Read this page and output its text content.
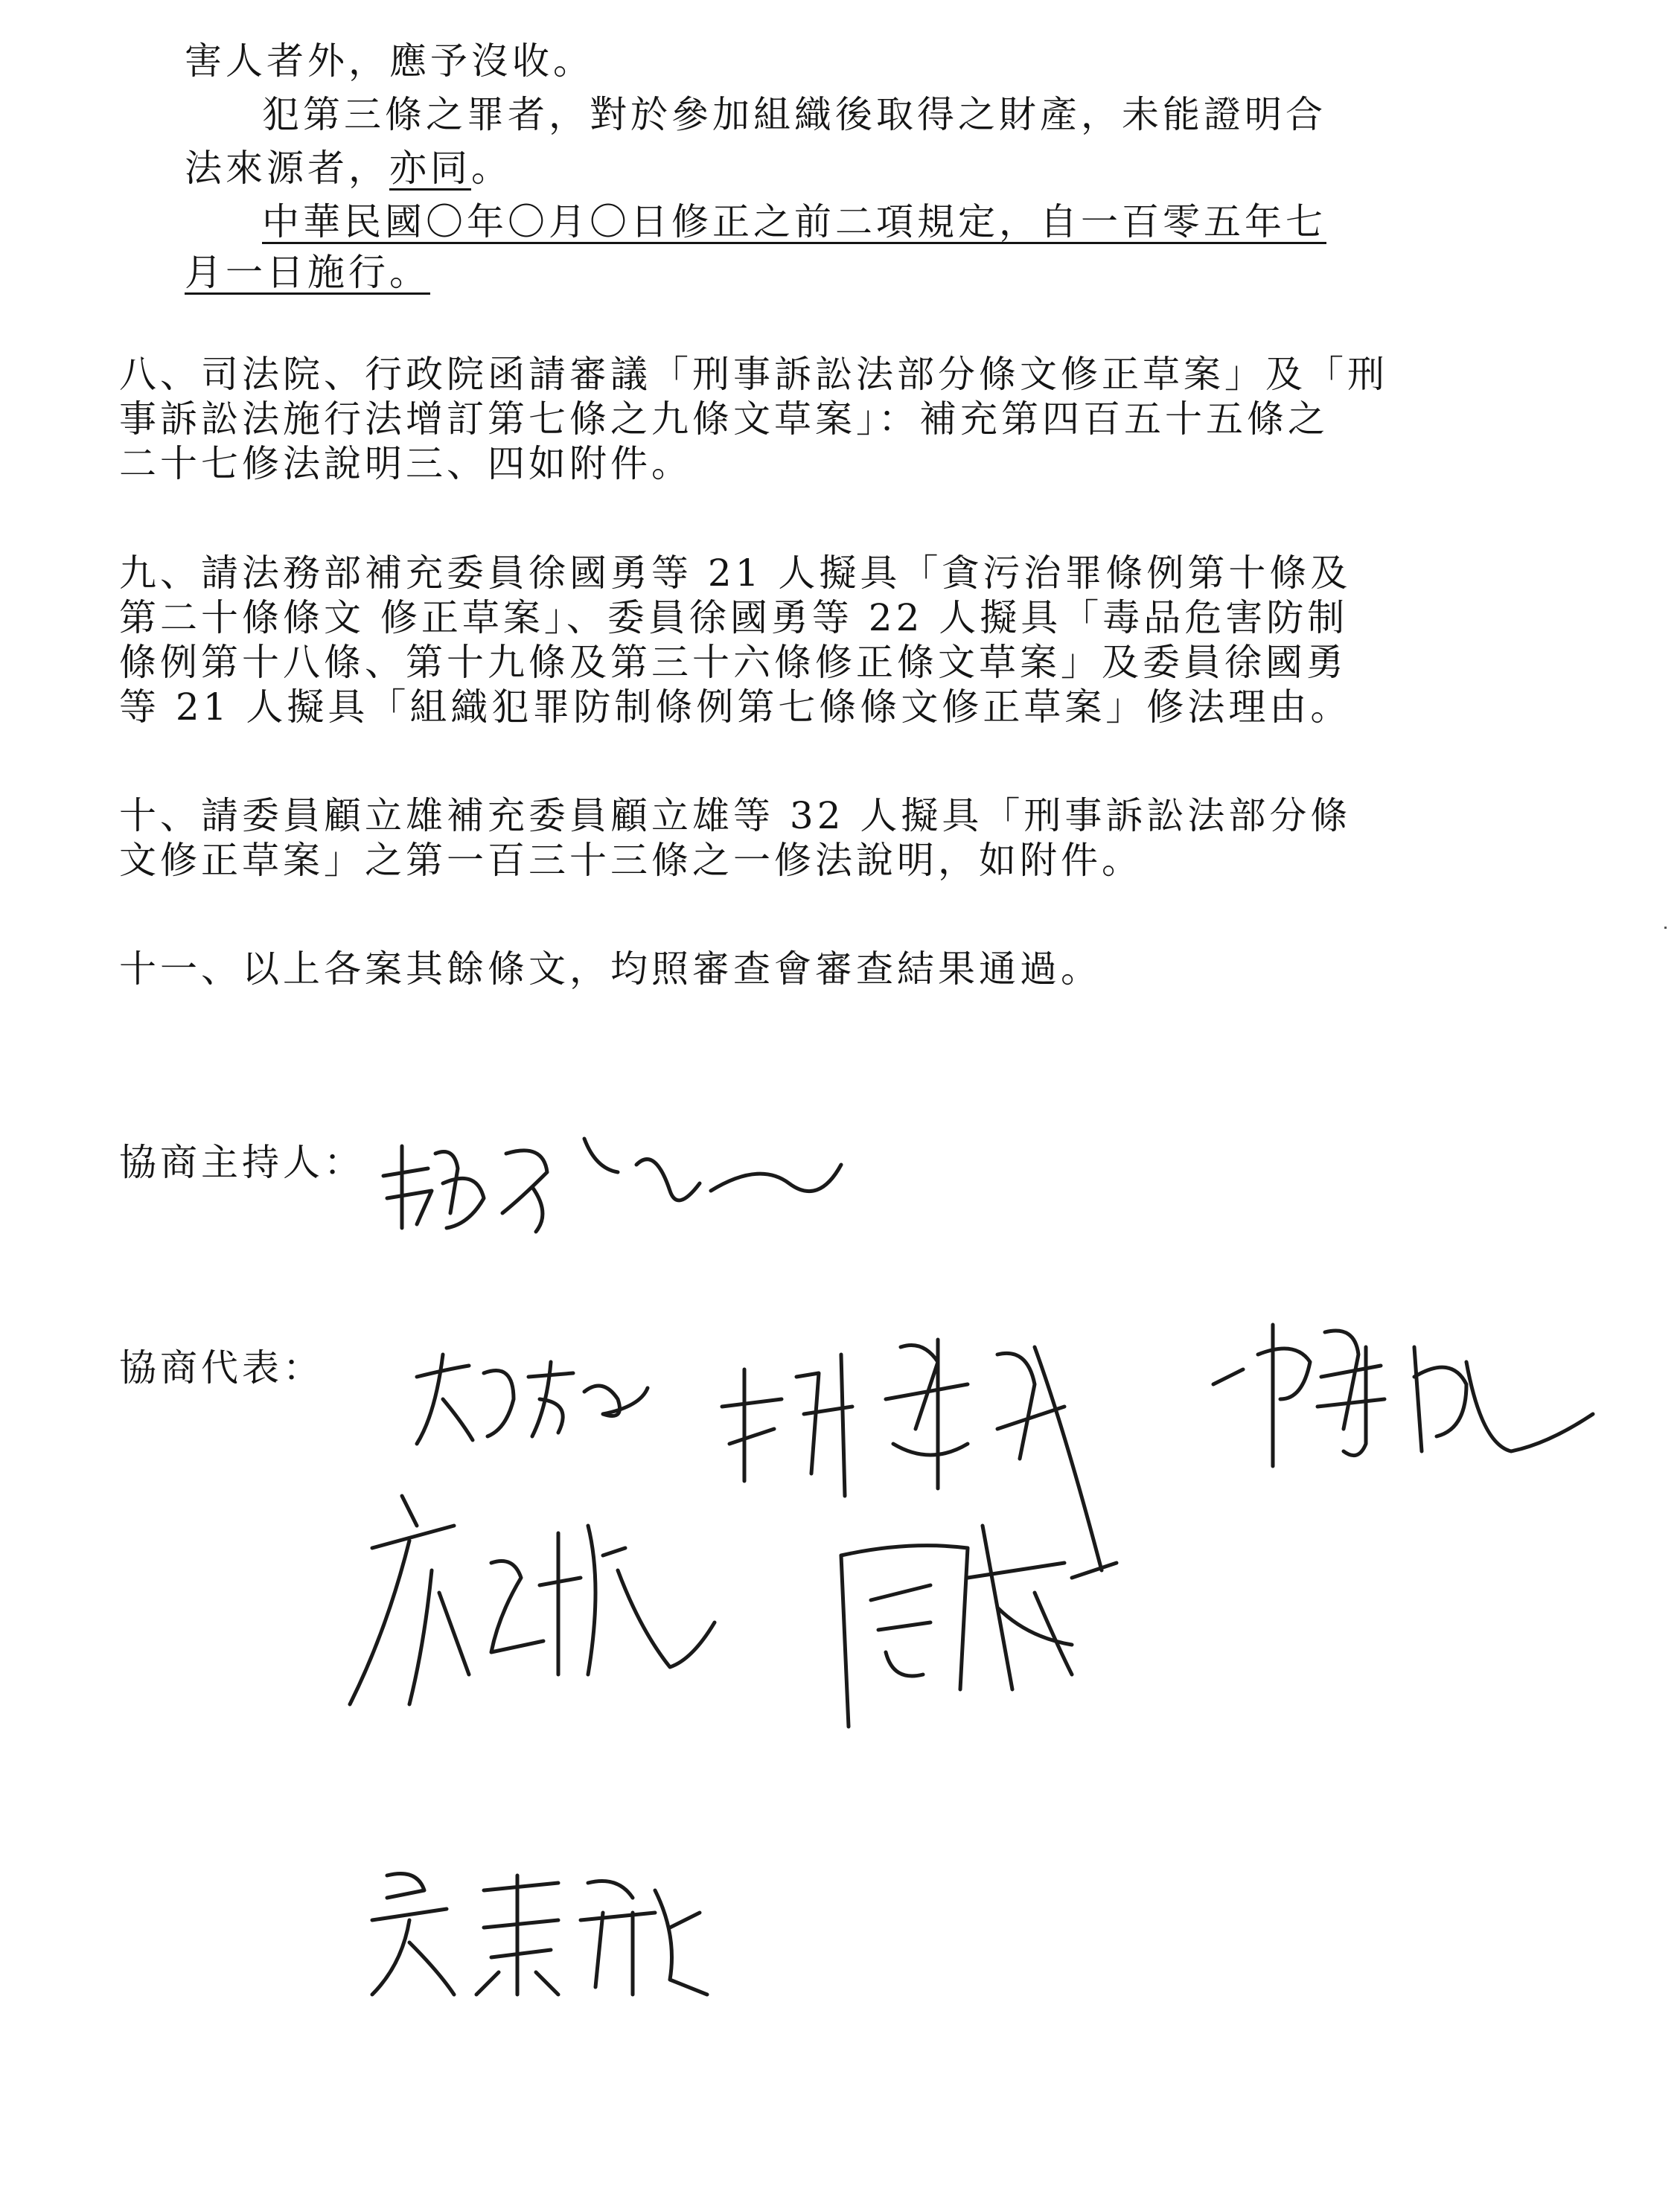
害人者外，應予沒收。
犯第三條之罪者，對於參加組織後取得之財產，未能證明合
法來源者，亦同。
中華民國〇年〇月〇日修正之前二項規定，自一百零五年七
月一日施行。
八、司法院、行政院函請審議「刑事訴訟法部分條文修正草案」及「刑
事訴訟法施行法增訂第七條之九條文草案」：補充第四百五十五條之
二十七修法說明三、四如附件。
九、請法務部補充委員徐國勇等 21 人擬具「貪污治罪條例第十條及
第二十條條文 修正草案」、委員徐國勇等 22 人擬具「毒品危害防制
條例第十八條、第十九條及第三十六條修正條文草案」及委員徐國勇
等 21 人擬具「組織犯罪防制條例第七條條文修正草案」修法理由。
十、請委員顧立雄補充委員顧立雄等 32 人擬具「刑事訴訟法部分條
文修正草案」之第一百三十三條之一修法說明，如附件。
十一、以上各案其餘條文，均照審查會審查結果通過。
協商主持人：
協商代表：
